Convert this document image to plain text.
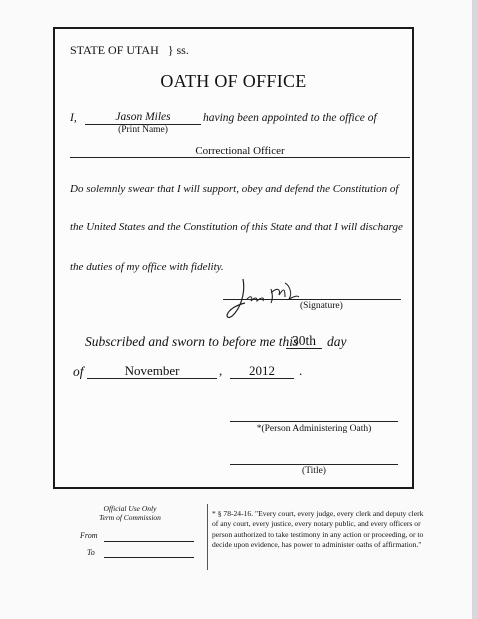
STATE OF UTAH } ss.
OATH OF OFFICE
I,	Jason Miles	having been appointed to the office of
(Print Name)
Correctional Officer
Do solemnly swear that I will support, obey and defend the Constitution of
the United States and the Constitution of this State and that I will discharge
the duties of my office with fidelity.
(Signature)
Subscribed and sworn to before me this
30th day
of	November	,	2012	.
*(Person Administering Oath)
(Title)
Official Use Only
Term of Commission
From
To
* § 78-24-16. "Every court, every judge, every clerk and deputy clerk of any court, every justice, every notary public, and every officers or person authorized to take testimony in any action or proceeding, or to decide upon evidence, has power to administer oaths of affirmation."
